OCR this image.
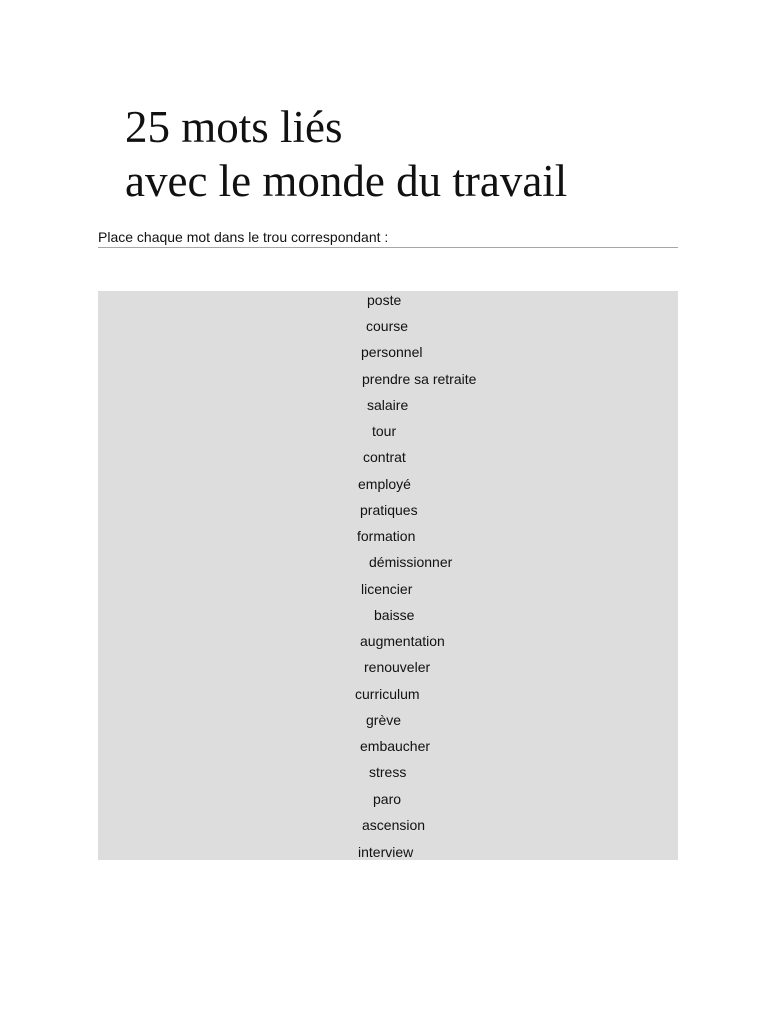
25 mots liés
avec le monde du travail
Place chaque mot dans le trou correspondant :
poste
course
personnel
prendre sa retraite
salaire
tour
contrat
employé
pratiques
formation
démissionner
licencier
baisse
augmentation
renouveler
curriculum
grève
embaucher
stress
paro
ascension
interview
